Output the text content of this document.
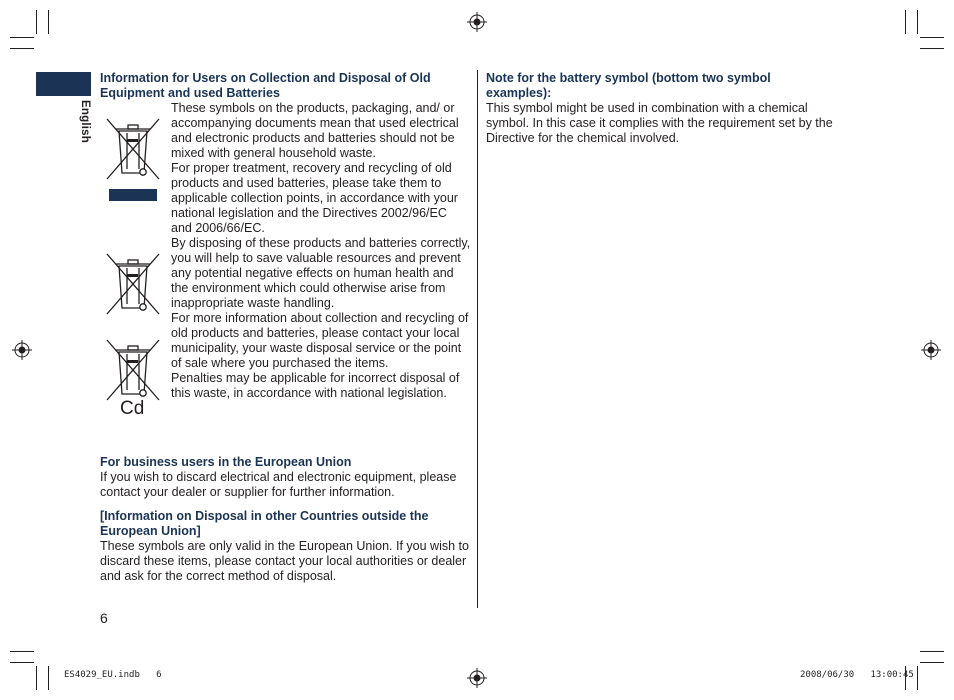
English
Information for Users on Collection and Disposal of Old Equipment and used Batteries

These symbols on the products, packaging, and/ or accompanying documents mean that used electrical and electronic products and batteries should not be mixed with general household waste.

For proper treatment, recovery and recycling of old products and used batteries, please take them to applicable collection points, in accordance with your national legislation and the Directives 2002/96/EC and 2006/66/EC.

By disposing of these products and batteries correctly, you will help to save valuable resources and prevent any potential negative effects on human health and the environment which could otherwise arise from inappropriate waste handling.

For more information about collection and recycling of old products and batteries, please contact your local municipality, your waste disposal service or the point of sale where you purchased the items.

Penalties may be applicable for incorrect disposal of this waste, in accordance with national legislation.

Cd
For business users in the European Union
If you wish to discard electrical and electronic equipment, please contact your dealer or supplier for further information.
[Information on Disposal in other Countries outside the European Union]
These symbols are only valid in the European Union. If you wish to discard these items, please contact your local authorities or dealer and ask for the correct method of disposal.
Note for the battery symbol (bottom two symbol examples):
This symbol might be used in combination with a chemical symbol. In this case it complies with the requirement set by the Directive for the chemical involved.
6
ES4029_EU.indb   6	2008/06/30   13:00:45
